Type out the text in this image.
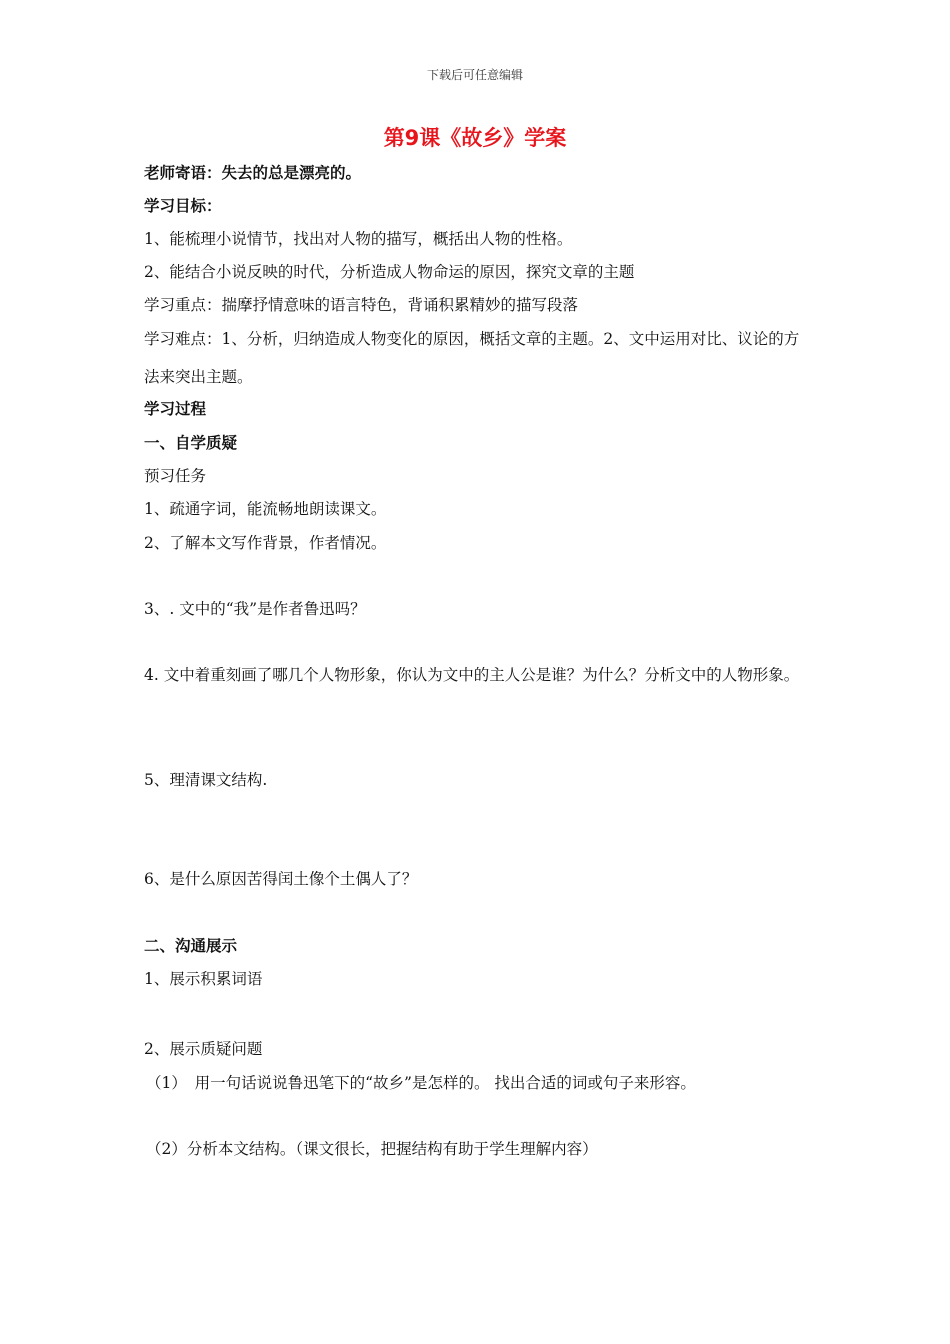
下载后可任意编辑
第9课《故乡》学案
老师寄语：失去的总是漂亮的。
学习目标：
1、能梳理小说情节，找出对人物的描写，概括出人物的性格。
2、能结合小说反映的时代，分析造成人物命运的原因，探究文章的主题
学习重点：揣摩抒情意味的语言特色，背诵积累精妙的描写段落
学习难点：1、分析，归纳造成人物变化的原因，概括文章的主题。2、文中运用对比、议论的方法来突出主题。
学习过程
一、自学质疑
预习任务
1、疏通字词，能流畅地朗读课文。
2、了解本文写作背景，作者情况。
3、. 文中的“我”是作者鲁迅吗？
4. 文中着重刻画了哪几个人物形象，你认为文中的主人公是谁？为什么？分析文中的人物形象。
5、理清课文结构.
6、是什么原因苦得闰土像个土偶人了？
二、沟通展示
1、展示积累词语
2、展示质疑问题
（1）　用一句话说说鲁迅笔下的“故乡”是怎样的。 找出合适的词或句子来形容。
（2）分析本文结构。（课文很长，把握结构有助于学生理解内容）
